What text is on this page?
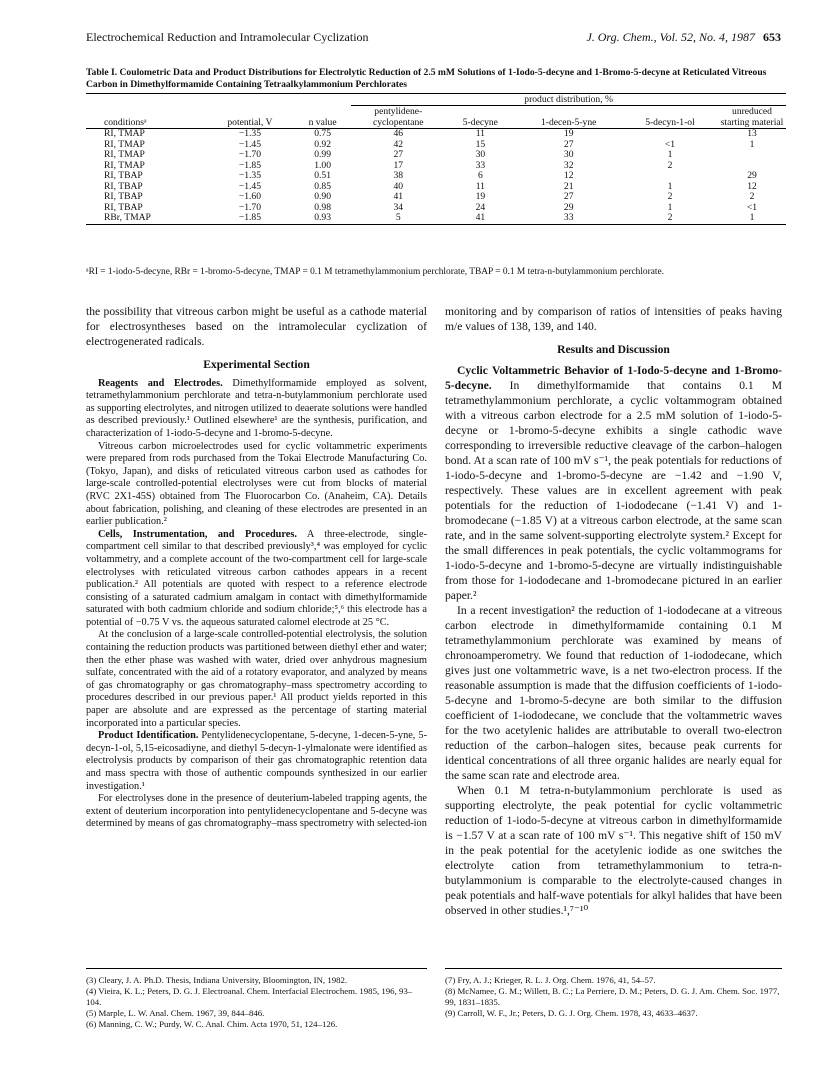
Electrochemical Reduction and Intramolecular Cyclization	J. Org. Chem., Vol. 52, No. 4, 1987 653
Table I. Coulometric Data and Product Distributions for Electrolytic Reduction of 2.5 mM Solutions of 1-Iodo-5-decyne and 1-Bromo-5-decyne at Reticulated Vitreous Carbon in Dimethylformamide Containing Tetraalkylammonium Perchlorates
			product distribution, %				
conditionsᵃ	potential, V	n value	pentylidene-cyclopentane	5-decyne	1-decen-5-yne	5-decyn-1-ol	unreduced starting material
RI, TMAP	−1.35	0.75	46	11	19		13
RI, TMAP	−1.45	0.92	42	15	27	<1	1
RI, TMAP	−1.70	0.99	27	30	30	1	
RI, TMAP	−1.85	1.00	17	33	32	2	
RI, TBAP	−1.35	0.51	38	6	12		29
RI, TBAP	−1.45	0.85	40	11	21	1	12
RI, TBAP	−1.60	0.90	41	19	27	2	2
RI, TBAP	−1.70	0.98	34	24	29	1	<1
RBr, TMAP	−1.85	0.93	5	41	33	2	1
ᵃRI = 1-iodo-5-decyne, RBr = 1-bromo-5-decyne, TMAP = 0.1 M tetramethylammonium perchlorate, TBAP = 0.1 M tetra-n-butylammonium perchlorate.

the possibility that vitreous carbon might be useful as a cathode material for electrosyntheses based on the intramolecular cyclization of electrogenerated radicals.

Experimental Section

Reagents and Electrodes. Dimethylformamide employed as solvent, tetramethylammonium perchlorate and tetra-n-butylammonium perchlorate used as supporting electrolytes, and nitrogen utilized to deaerate solutions were handled as described previously.¹ Outlined elsewhere¹ are the synthesis, purification, and characterization of 1-iodo-5-decyne and 1-bromo-5-decyne.

Vitreous carbon microelectrodes used for cyclic voltammetric experiments were prepared from rods purchased from the Tokai Electrode Manufacturing Co. (Tokyo, Japan), and disks of reticulated vitreous carbon used as cathodes for large-scale controlled-potential electrolyses were cut from blocks of material (RVC 2X1-45S) obtained from The Fluorocarbon Co. (Anaheim, CA). Details about fabrication, polishing, and cleaning of these electrodes are presented in an earlier publication.²

Cells, Instrumentation, and Procedures. A three-electrode, single-compartment cell similar to that described previously³,⁴ was employed for cyclic voltammetry, and a complete account of the two-compartment cell for large-scale electrolyses with reticulated vitreous carbon cathodes appears in a recent publication.² All potentials are quoted with respect to a reference electrode consisting of a saturated cadmium amalgam in contact with dimethylformamide saturated with both cadmium chloride and sodium chloride;⁵,⁶ this electrode has a potential of −0.75 V vs. the aqueous saturated calomel electrode at 25 °C.

At the conclusion of a large-scale controlled-potential electrolysis, the solution containing the reduction products was partitioned between diethyl ether and water; then the ether phase was washed with water, dried over anhydrous magnesium sulfate, concentrated with the aid of a rotatory evaporator, and analyzed by means of gas chromatography or gas chromatography–mass spectrometry according to procedures described in our previous paper.¹ All product yields reported in this paper are absolute and are expressed as the percentage of starting material incorporated into a particular species.

Product Identification. Pentylidenecyclopentane, 5-decyne, 1-decen-5-yne, 5-decyn-1-ol, 5,15-eicosadiyne, and diethyl 5-decyn-1-ylmalonate were identified as electrolysis products by comparison of their gas chromatographic retention data and mass spectra with those of authentic compounds synthesized in our earlier investigation.¹

For electrolyses done in the presence of deuterium-labeled trapping agents, the extent of deuterium incorporation into pentylidenecyclopentane and 5-decyne was determined by means of gas chromatography–mass spectrometry with selected-ion

monitoring and by comparison of ratios of intensities of peaks having m/e values of 138, 139, and 140.

Results and Discussion

Cyclic Voltammetric Behavior of 1-Iodo-5-decyne and 1-Bromo-5-decyne. In dimethylformamide that contains 0.1 M tetramethylammonium perchlorate, a cyclic voltammogram obtained with a vitreous carbon electrode for a 2.5 mM solution of 1-iodo-5-decyne or 1-bromo-5-decyne exhibits a single cathodic wave corresponding to irreversible reductive cleavage of the carbon–halogen bond. At a scan rate of 100 mV s⁻¹, the peak potentials for reductions of 1-iodo-5-decyne and 1-bromo-5-decyne are −1.42 and −1.90 V, respectively. These values are in excellent agreement with peak potentials for the reduction of 1-iododecane (−1.41 V) and 1-bromodecane (−1.85 V) at a vitreous carbon electrode, at the same scan rate, and in the same solvent-supporting electrolyte system.² Except for the small differences in peak potentials, the cyclic voltammograms for 1-iodo-5-decyne and 1-bromo-5-decyne are virtually indistinguishable from those for 1-iododecane and 1-bromodecane pictured in an earlier paper.²

In a recent investigation² the reduction of 1-iododecane at a vitreous carbon electrode in dimethylformamide containing 0.1 M tetramethylammonium perchlorate was examined by means of chronoamperometry. We found that reduction of 1-iododecane, which gives just one voltammetric wave, is a net two-electron process. If the reasonable assumption is made that the diffusion coefficients of 1-iodo-5-decyne and 1-bromo-5-decyne are both similar to the diffusion coefficient of 1-iododecane, we conclude that the voltammetric waves for the two acetylenic halides are attributable to overall two-electron reduction of the carbon–halogen sites, because peak currents for identical concentrations of all three organic halides are nearly equal for the same scan rate and electrode area.

When 0.1 M tetra-n-butylammonium perchlorate is used as supporting electrolyte, the peak potential for cyclic voltammetric reduction of 1-iodo-5-decyne at vitreous carbon in dimethylformamide is −1.57 V at a scan rate of 100 mV s⁻¹. This negative shift of 150 mV in the peak potential for the acetylenic iodide as one switches the electrolyte cation from tetramethylammonium to tetra-n-butylammonium is comparable to the electrolyte-caused changes in peak potentials and half-wave potentials for alkyl halides that have been observed in other studies.¹,⁷⁻¹⁰

(3) Cleary, J. A. Ph.D. Thesis, Indiana University, Bloomington, IN, 1982.
(4) Vieira, K. L.; Peters, D. G. J. Electroanal. Chem. Interfacial Electrochem. 1985, 196, 93–104.
(5) Marple, L. W. Anal. Chem. 1967, 39, 844–846.
(6) Manning, C. W.; Purdy, W. C. Anal. Chim. Acta 1970, 51, 124–126.
(7) Fry, A. J.; Krieger, R. L. J. Org. Chem. 1976, 41, 54–57.
(8) McNamee, G. M.; Willett, B. C.; La Perriere, D. M.; Peters, D. G. J. Am. Chem. Soc. 1977, 99, 1831–1835.
(9) Carroll, W. F., Jr.; Peters, D. G. J. Org. Chem. 1978, 43, 4633–4637.
